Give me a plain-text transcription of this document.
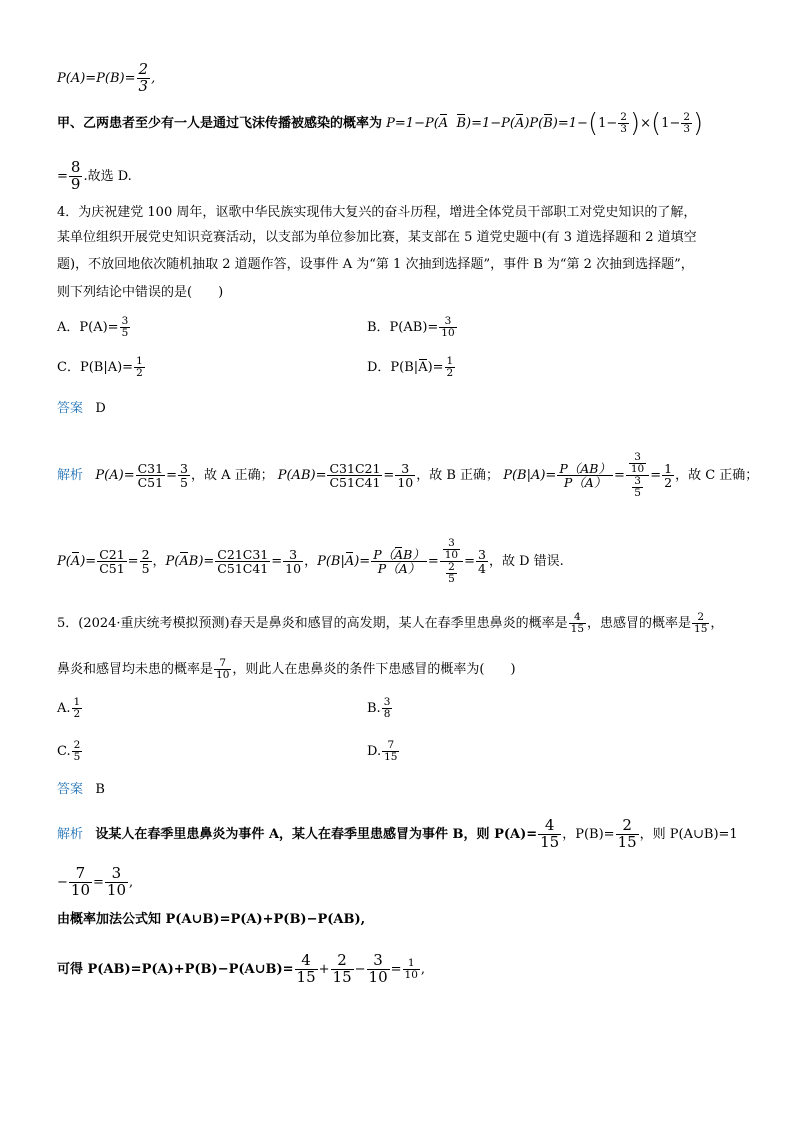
$P(A)=P(B)= \frac{2}{3}$ ,
甲、乙两患者至少有一人是通过飞沫传播被感染的概率为 P=1−P(A $B)=1-P(A)P(B)=1-(1- \frac{2}{3} )\times(1- \frac{2}{3}$ )
= $\frac{8}{9}$ .故选 D.
4．为庆祝建党 100 周年，讴歌中华民族实现伟大复兴的奋斗历程，增进全体党员干部职工对党史知识的了解，
某单位组织开展党史知识竞赛活动，以支部为单位参加比赛，某支部在 5 道党史题中(有 3 道选择题和 2 道填空
题)，不放回地依次随机抽取 2 道题作答，设事件 A 为“第 1 次抽到选择题”，事件 B 为“第 2 次抽到选择题”，
则下列结论中错误的是(　　)
A．$P(A)= \frac{3}{5}$	B．$P(AB)= \frac{3}{10}$
C．$P(B|A)= \frac{1}{2}$	D．$P(B|A)= \frac{1}{2}$
答案 D
解析 $P(A)= \frac{C31}{C51} = \frac{3}{5}$ ，故 A 正确； $P(AB)= \frac{C31C21}{C51C41} = \frac{3}{10}$ ，故 B 正确； $P(B|A)= \frac{P(AB)}{P(A)} = \frac{\frac{3}{10}}{\frac{3}{5}} = \frac{1}{2}$ ，故 C 正确；
$P(A)= \frac{C21}{C51} = \frac{2}{5}$ ，$P(AB)= \frac{C21C31}{C51C41} = \frac{3}{10}$ ，$P(B|A)= \frac{P(AB)}{P(A)} = \frac{\frac{3}{10}}{\frac{2}{5}} = \frac{3}{4}$ ，故 D 错误.
5．(2024·重庆统考模拟预测)春天是鼻炎和感冒的高发期，某人在春季里患鼻炎的概率是 $\frac{4}{15}$ ，患感冒的概率是 $\frac{2}{15}$ ，
鼻炎和感冒均未患的概率是 $\frac{7}{10}$ ，则此人在患鼻炎的条件下患感冒的概率为(　　)
A. $\frac{1}{2}$	B. $\frac{3}{8}$
C. $\frac{2}{5}$	D. $\frac{7}{15}$
答案 B
解析 设某人在春季里患鼻炎为事件 A，某人在春季里患感冒为事件 B，则 $P(A)= \frac{4}{15}$ ，$P(B)= \frac{2}{15}$ ，则 P(A∪B)=1
− $\frac{7}{10} = \frac{3}{10}$ ,
由概率加法公式知 P(A∪B)=P(A)+P(B)−P(AB),
可得 P(AB)=P(A)+P(B)−P(A∪B)= $\frac{4}{15} + \frac{2}{15} - \frac{3}{10} = \frac{1}{10}$ ,
